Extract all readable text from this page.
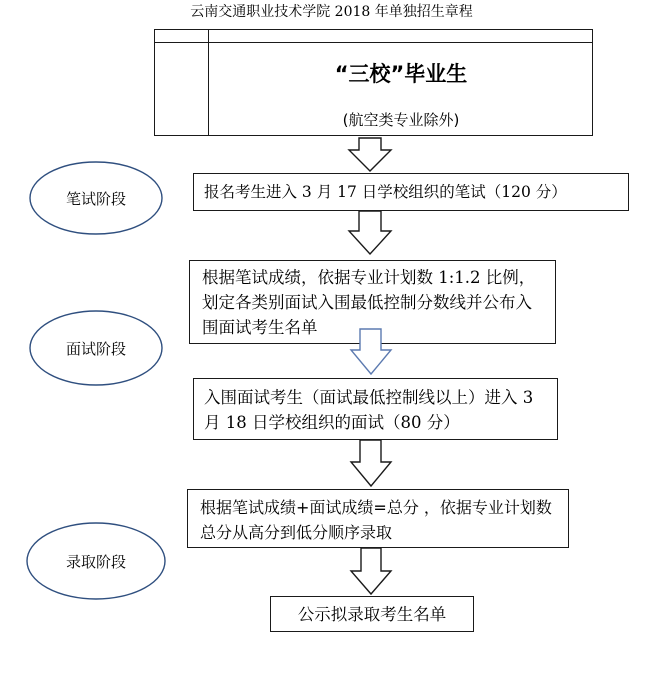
云南交通职业技术学院 2018 年单独招生章程
“三校”毕业生
(航空类专业除外)
报名考生进入 3 月 17 日学校组织的笔试（120 分）
根据笔试成绩，依据专业计划数 1:1.2 比例，划定各类别面试入围最低控制分数线并公布入围面试考生名单
入围面试考生（面试最低控制线以上）进入 3 月 18 日学校组织的面试（80 分）
根据笔试成绩+面试成绩=总分 ，依据专业计划数总分从高分到低分顺序录取
公示拟录取考生名单
笔试阶段
面试阶段
录取阶段
